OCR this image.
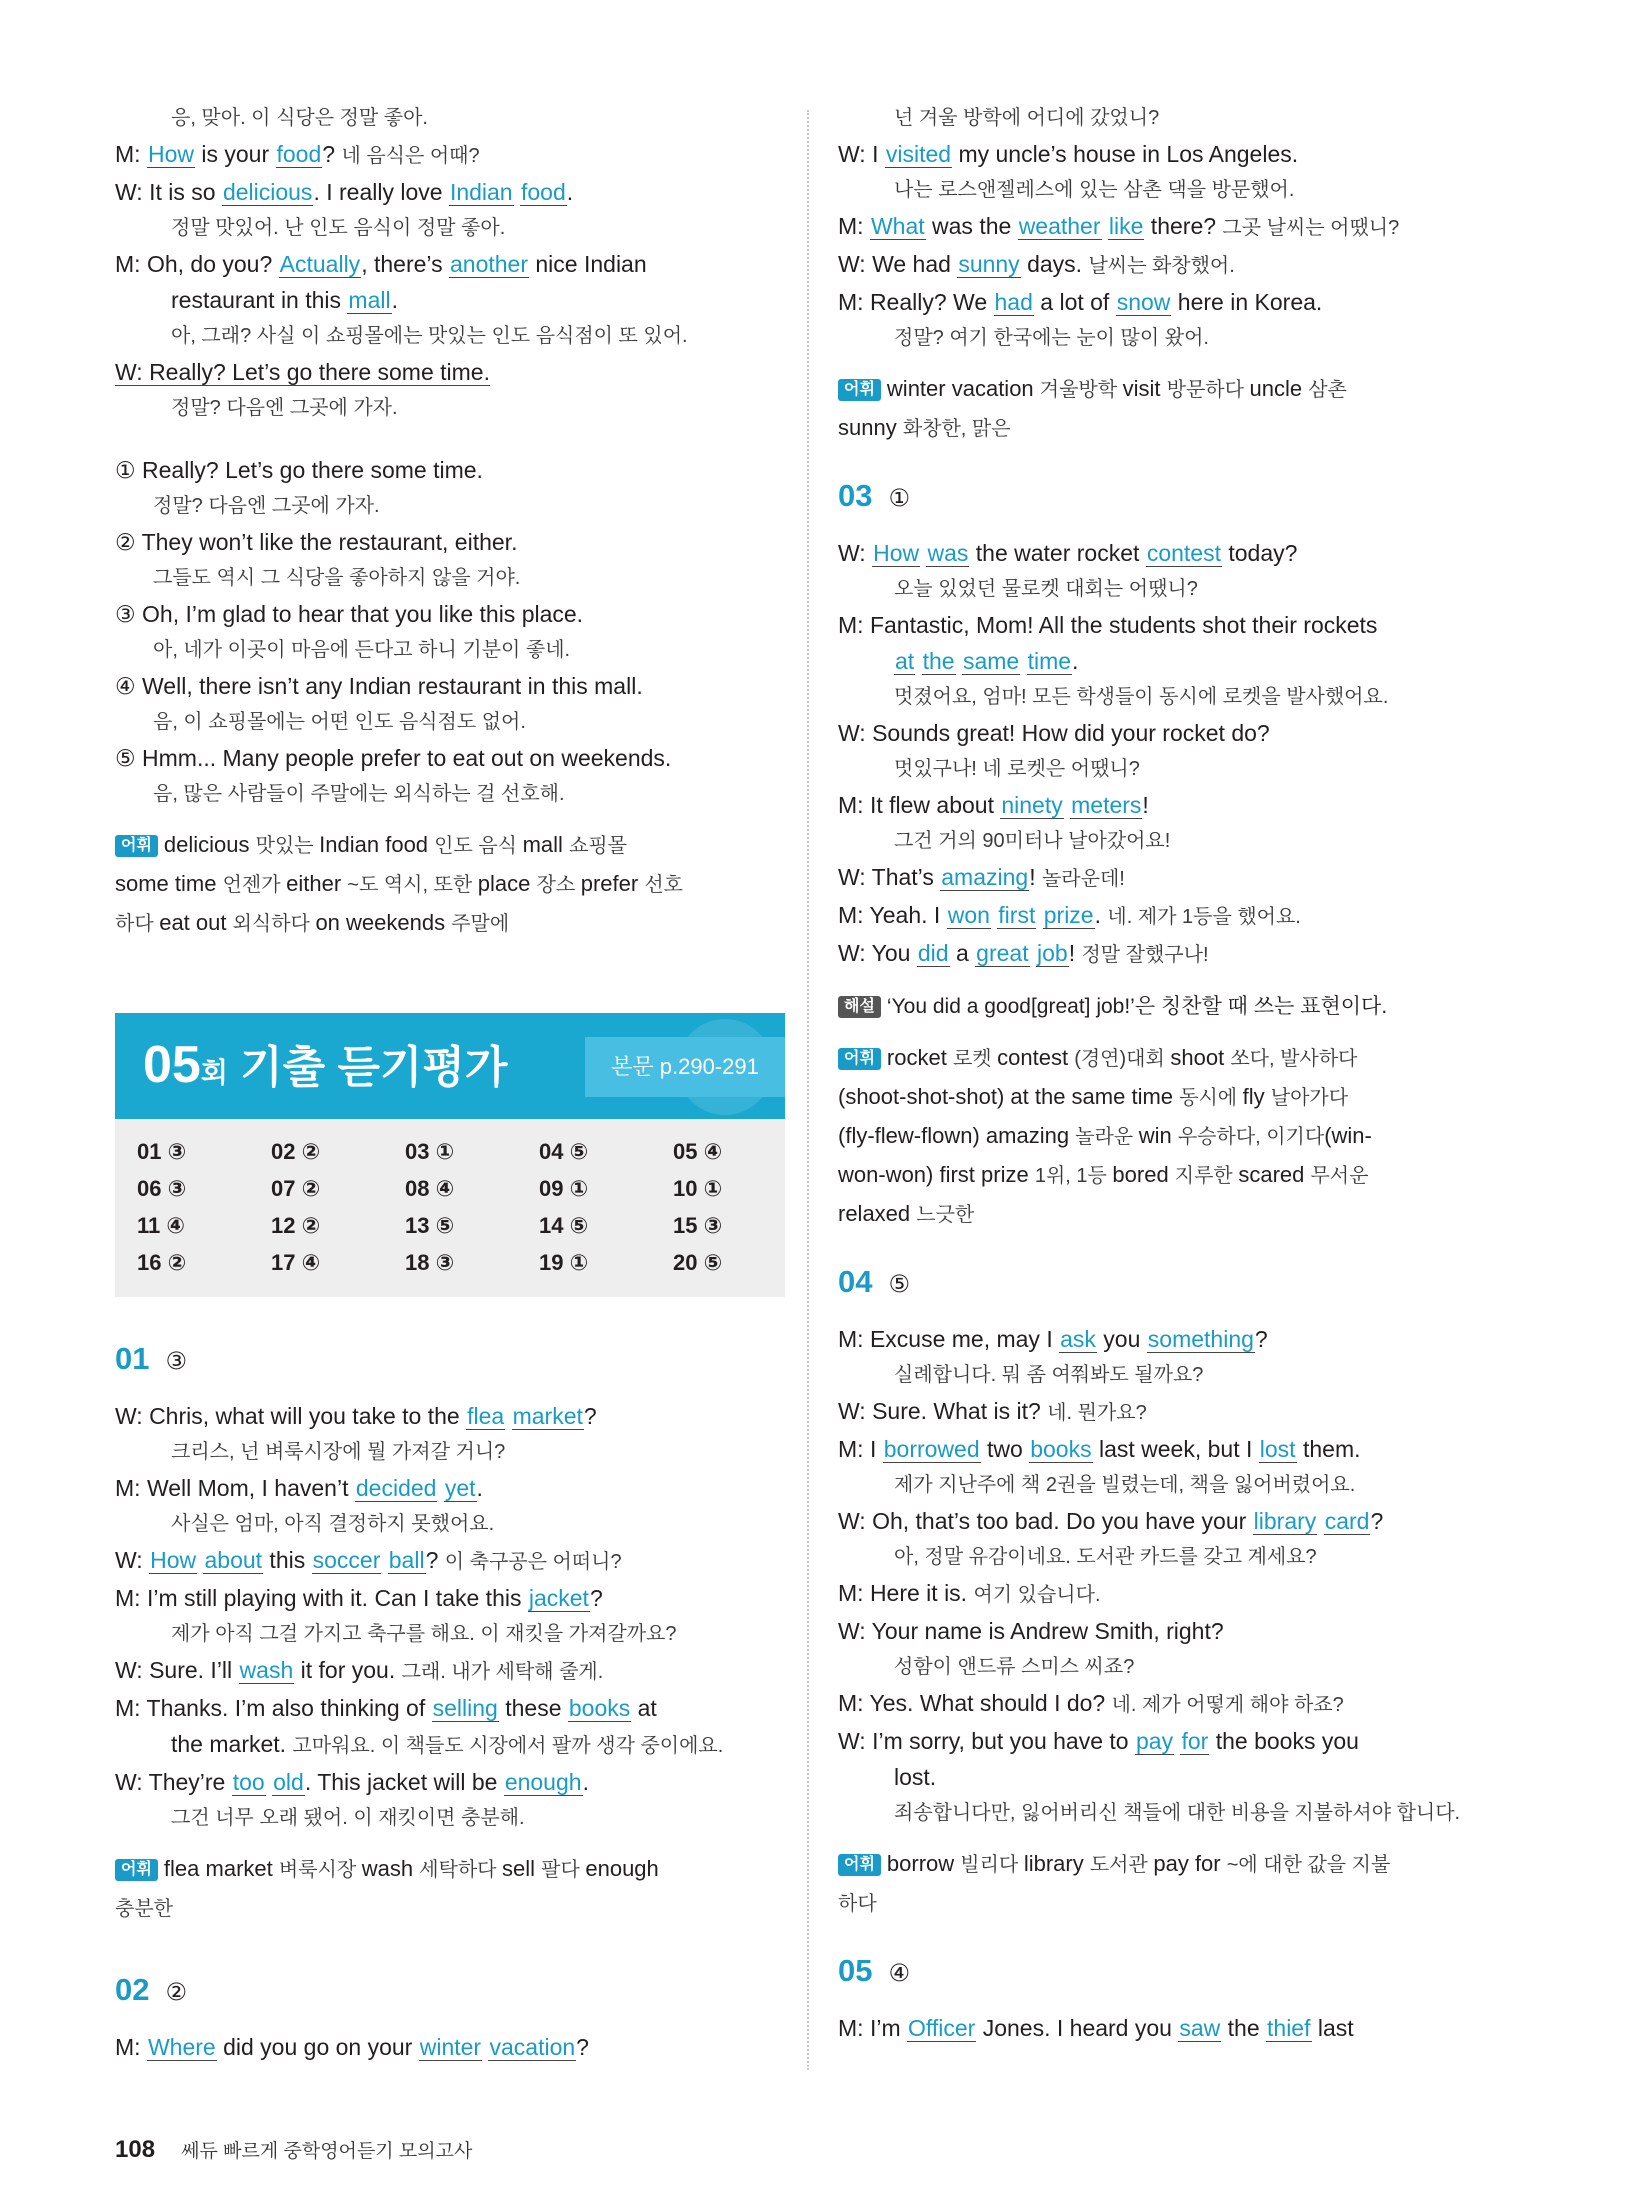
응, 맞아. 이 식당은 정말 좋아.
M: How is your food? 네 음식은 어때?
W: It is so delicious. I really love Indian food.
정말 맛있어. 난 인도 음식이 정말 좋아.
M: Oh, do you? Actually, there’s another nice Indian
restaurant in this mall.
아, 그래? 사실 이 쇼핑몰에는 맛있는 인도 음식점이 또 있어.
W: Really? Let’s go there some time.
정말? 다음엔 그곳에 가자.
① Really? Let’s go there some time.
정말? 다음엔 그곳에 가자.
② They won’t like the restaurant, either.
그들도 역시 그 식당을 좋아하지 않을 거야.
③ Oh, I’m glad to hear that you like this place.
아, 네가 이곳이 마음에 든다고 하니 기분이 좋네.
④ Well, there isn’t any Indian restaurant in this mall.
음, 이 쇼핑몰에는 어떤 인도 음식점도 없어.
⑤ Hmm... Many people prefer to eat out on weekends.
음, 많은 사람들이 주말에는 외식하는 걸 선호해.
어휘 delicious 맛있는 Indian food 인도 음식 mall 쇼핑몰
some time 언젠가 either ~도 역시, 또한 place 장소 prefer 선호
하다 eat out 외식하다 on weekends 주말에
05회 기출 듣기평가	본문 p.290-291
01 ③	02 ②	03 ①	04 ⑤	05 ④
06 ③	07 ②	08 ④	09 ①	10 ①
11 ④	12 ②	13 ⑤	14 ⑤	15 ③
16 ②	17 ④	18 ③	19 ①	20 ⑤
01 ③
W: Chris, what will you take to the flea market?
크리스, 넌 벼룩시장에 뭘 가져갈 거니?
M: Well Mom, I haven’t decided yet.
사실은 엄마, 아직 결정하지 못했어요.
W: How about this soccer ball? 이 축구공은 어떠니?
M: I’m still playing with it. Can I take this jacket?
제가 아직 그걸 가지고 축구를 해요. 이 재킷을 가져갈까요?
W: Sure. I’ll wash it for you. 그래. 내가 세탁해 줄게.
M: Thanks. I’m also thinking of selling these books at
the market. 고마워요. 이 책들도 시장에서 팔까 생각 중이에요.
W: They’re too old. This jacket will be enough.
그건 너무 오래 됐어. 이 재킷이면 충분해.
어휘 flea market 벼룩시장 wash 세탁하다 sell 팔다 enough
충분한
02 ②
M: Where did you go on your winter vacation?
넌 겨울 방학에 어디에 갔었니?
W: I visited my uncle’s house in Los Angeles.
나는 로스앤젤레스에 있는 삼촌 댁을 방문했어.
M: What was the weather like there? 그곳 날씨는 어땠니?
W: We had sunny days. 날씨는 화창했어.
M: Really? We had a lot of snow here in Korea.
정말? 여기 한국에는 눈이 많이 왔어.
어휘 winter vacation 겨울방학 visit 방문하다 uncle 삼촌
sunny 화창한, 맑은
03 ①
W: How was the water rocket contest today?
오늘 있었던 물로켓 대회는 어땠니?
M: Fantastic, Mom! All the students shot their rockets
at the same time.
멋졌어요, 엄마! 모든 학생들이 동시에 로켓을 발사했어요.
W: Sounds great! How did your rocket do?
멋있구나! 네 로켓은 어땠니?
M: It flew about ninety meters!
그건 거의 90미터나 날아갔어요!
W: That’s amazing! 놀라운데!
M: Yeah. I won first prize. 네. 제가 1등을 했어요.
W: You did a great job! 정말 잘했구나!
해설 ‘You did a good[great] job!’은 칭찬할 때 쓰는 표현이다.
어휘 rocket 로켓 contest (경연)대회 shoot 쏘다, 발사하다
(shoot-shot-shot) at the same time 동시에 fly 날아가다
(fly-flew-flown) amazing 놀라운 win 우승하다, 이기다(win-
won-won) first prize 1위, 1등 bored 지루한 scared 무서운
relaxed 느긋한
04 ⑤
M: Excuse me, may I ask you something?
실례합니다. 뭐 좀 여쭤봐도 될까요?
W: Sure. What is it? 네. 뭔가요?
M: I borrowed two books last week, but I lost them.
제가 지난주에 책 2권을 빌렸는데, 책을 잃어버렸어요.
W: Oh, that’s too bad. Do you have your library card?
아, 정말 유감이네요. 도서관 카드를 갖고 계세요?
M: Here it is. 여기 있습니다.
W: Your name is Andrew Smith, right?
성함이 앤드류 스미스 씨죠?
M: Yes. What should I do? 네. 제가 어떻게 해야 하죠?
W: I’m sorry, but you have to pay for the books you
lost.
죄송합니다만, 잃어버리신 책들에 대한 비용을 지불하셔야 합니다.
어휘 borrow 빌리다 library 도서관 pay for ~에 대한 값을 지불
하다
05 ④
M: I’m Officer Jones. I heard you saw the thief last
108 쎄듀 빠르게 중학영어듣기 모의고사
